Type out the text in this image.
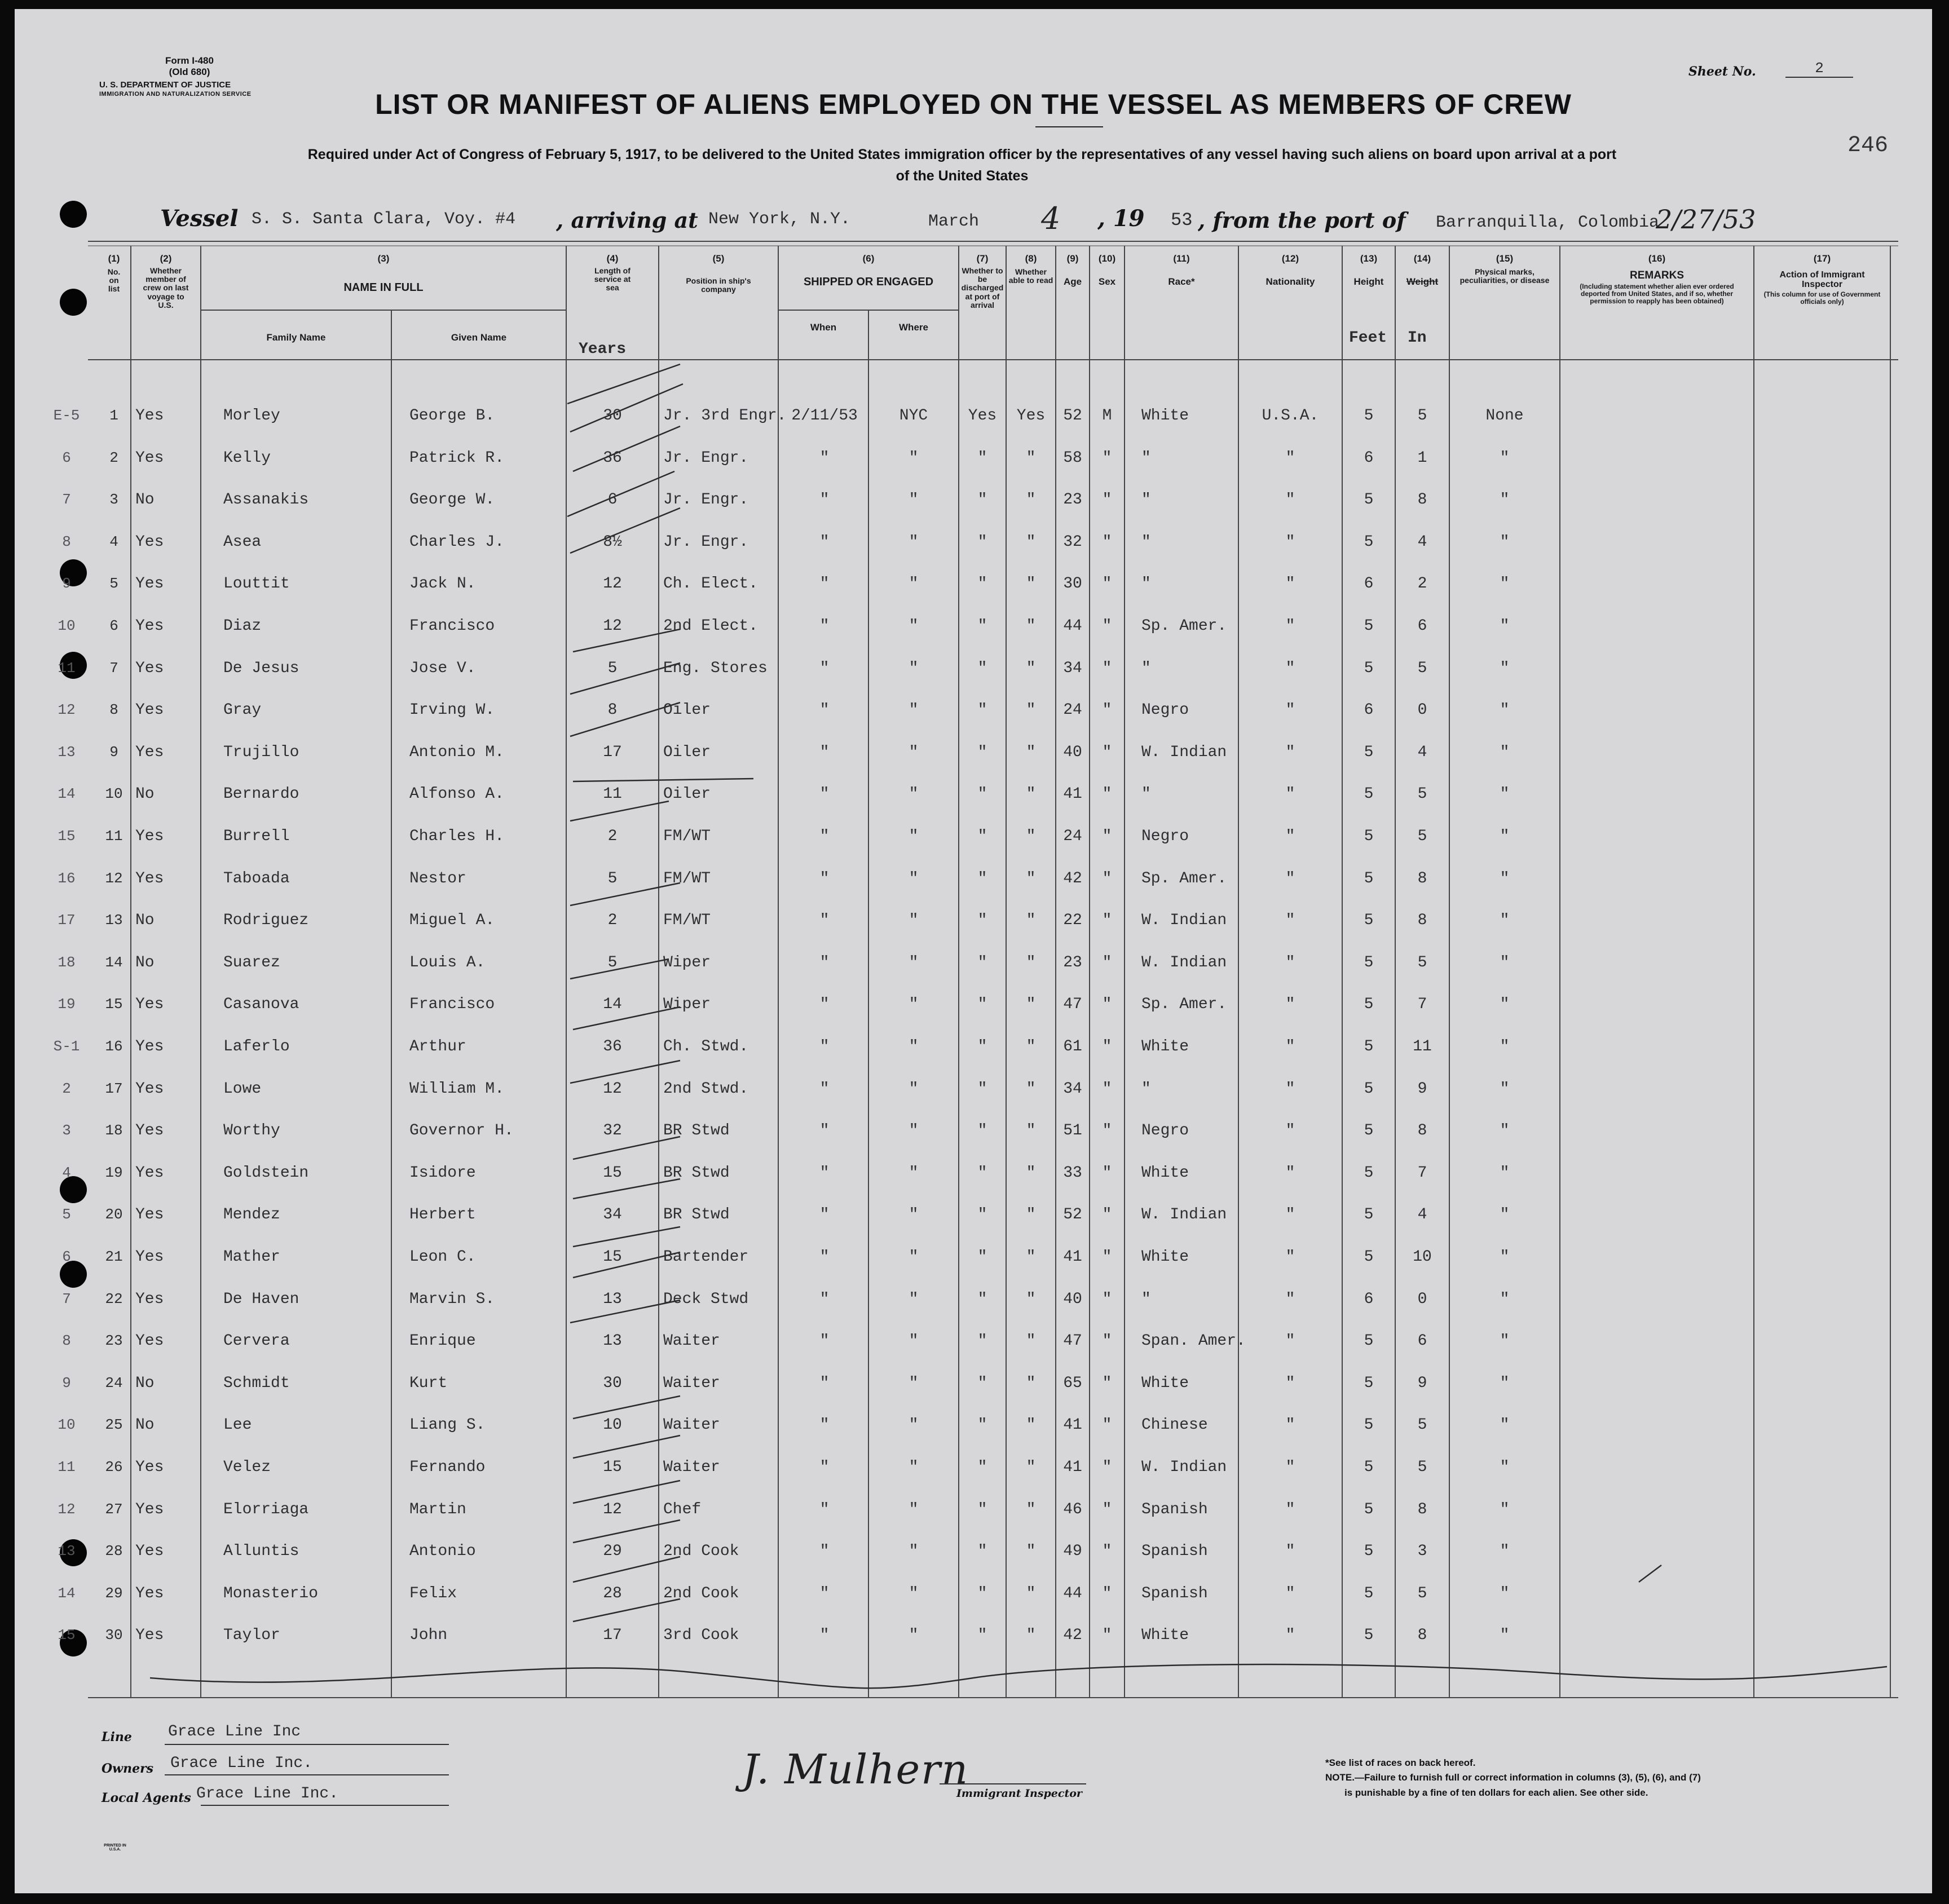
Form I-480
(Old 680)
U. S. DEPARTMENT OF JUSTICE
IMMIGRATION AND NATURALIZATION SERVICE
Sheet No.	2
246
LIST OR MANIFEST OF ALIENS EMPLOYED ON THE VESSEL AS MEMBERS OF CREW
Required under Act of Congress of February 5, 1917, to be delivered to the United States immigration officer by the representatives of any vessel having such aliens on board upon arrival at a port
of the United States
Vessel S. S. Santa Clara, Voy. #4 , arriving at New York, N.Y.	March 4 , 19 53 , from the port of Barranquilla, Colombia
2/27/53
(1)
No. on list
(2)
Whether member of crew on last voyage to U.S.
(3)
NAME IN FULL
Family Name	Given Name
(4)
Length of service at sea
Years
(5)
Position in ship's company
(6)
SHIPPED OR ENGAGED
When	Where
(7)
Whether to be discharged at port of arrival
(8)
Whether able to read
(9)
Age
(10)
Sex
(11)
Race*
(12)
Nationality
(13)
Height
Feet
(14)
Weight
In
(15)
Physical marks, peculiarities, or disease
(16)
REMARKS
(Including statement whether alien ever ordered deported from United States, and if so, whether permission to reapply has been obtained)
(17)
Action of Immigrant Inspector
(This column for use of Government officials only)
E-5	1	Yes	Morley	George B.	30	Jr. 3rd Engr. 2/11/53	NYC	Yes	Yes	52	M	White	U.S.A.	5	5	None
6	2	Yes	Kelly	Patrick R.	36	Jr. Engr.	"	"	"	"	58	"	"	"	6	1	"
7	3	No	Assanakis	George W.	6	Jr. Engr.	"	"	"	"	23	"	"	"	5	8	"
8	4	Yes	Asea	Charles J.	8½	Jr. Engr.	"	"	"	"	32	"	"	"	5	4	"
9	5	Yes	Louttit	Jack N.	12	Ch. Elect.	"	"	"	"	30	"	"	"	6	2	"
10	6	Yes	Diaz	Francisco	12	2nd Elect.	"	"	"	"	44	"	Sp. Amer.	"	5	6	"
11	7	Yes	De Jesus	Jose V.	5	Eng. Stores	"	"	"	"	34	"	"	"	5	5	"
12	8	Yes	Gray	Irving W.	8	Oiler	"	"	"	"	24	"	Negro	"	6	0	"
13	9	Yes	Trujillo	Antonio M.	17	Oiler	"	"	"	"	40	"	W. Indian	"	5	4	"
14	10 No	Bernardo	Alfonso A.	11	Oiler	"	"	"	"	41	"	"	"	5	5	"
15	11 Yes	Burrell	Charles H.	2	FM/WT	"	"	"	"	24	"	Negro	"	5	5	"
16	12 Yes	Taboada	Nestor	5	FM/WT	"	"	"	"	42	"	Sp. Amer.	"	5	8	"
17	13 No	Rodriguez	Miguel A.	2	FM/WT	"	"	"	"	22	"	W. Indian	"	5	8	"
18	14 No	Suarez	Louis A.	5	Wiper	"	"	"	"	23	"	W. Indian	"	5	5	"
19	15 Yes	Casanova	Francisco	14	Wiper	"	"	"	"	47	"	Sp. Amer.	"	5	7	"
S-1	16 Yes	Laferlo	Arthur	36	Ch. Stwd.	"	"	"	"	61	"	White	"	5	11	"
2	17 Yes	Lowe	William M.	12	2nd Stwd.	"	"	"	"	34	"	"	"	5	9	"
3	18 Yes	Worthy	Governor H.	32	BR Stwd	"	"	"	"	51	"	Negro	"	5	8	"
4	19 Yes	Goldstein	Isidore	15	BR Stwd	"	"	"	"	33	"	White	"	5	7	"
5	20 Yes	Mendez	Herbert	34	BR Stwd	"	"	"	"	52	"	W. Indian	"	5	4	"
6	21 Yes	Mather	Leon C.	15	Bartender	"	"	"	"	41	"	White	"	5	10	"
7	22 Yes	De Haven	Marvin S.	13	Deck Stwd	"	"	"	"	40	"	"	"	6	0	"
8	23 Yes	Cervera	Enrique	13	Waiter	"	"	"	"	47	"	Span. Amer.	"	5	6	"
9	24 No	Schmidt	Kurt	30	Waiter	"	"	"	"	65	"	White	"	5	9	"
10	25 No	Lee	Liang S.	10	Waiter	"	"	"	"	41	"	Chinese	"	5	5	"
11	26 Yes	Velez	Fernando	15	Waiter	"	"	"	"	41	"	W. Indian	"	5	5	"
12	27 Yes	Elorriaga	Martin	12	Chef	"	"	"	"	46	"	Spanish	"	5	8	"
13	28 Yes	Alluntis	Antonio	29	2nd Cook	"	"	"	"	49	"	Spanish	"	5	3	"
14	29 Yes	Monasterio	Felix	28	2nd Cook	"	"	"	"	44	"	Spanish	"	5	5	"
15	30 Yes	Taylor	John	17	3rd Cook	"	"	"	"	42	"	White	"	5	8	"
Line Grace Line Inc
Owners Grace Line Inc.
Local Agents Grace Line Inc.
J. Mulhern
Immigrant Inspector
*See list of races on back hereof.
NOTE.—Failure to furnish full or correct information in columns (3), (5), (6), and (7)
is punishable by a fine of ten dollars for each alien. See other side.
PRINTED IN U.S.A.
